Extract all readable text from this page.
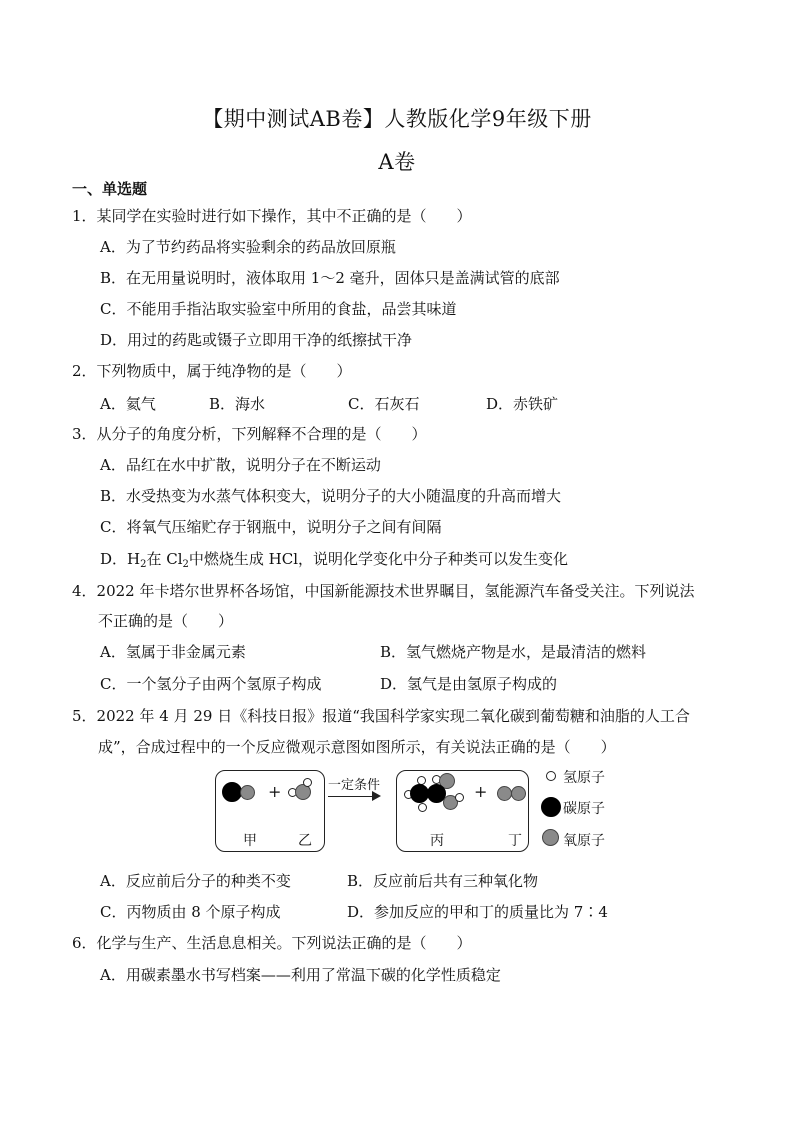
【期中测试AB卷】人教版化学9年级下册
A卷
一、单选题
1．某同学在实验时进行如下操作，其中不正确的是（　　）
A．为了节约药品将实验剩余的药品放回原瓶
B．在无用量说明时，液体取用 1～2 毫升，固体只是盖满试管的底部
C．不能用手指沾取实验室中所用的食盐，品尝其味道
D．用过的药匙或镊子立即用干净的纸擦拭干净
2．下列物质中，属于纯净物的是（　　）
A．氦气	B．海水	C．石灰石	D．赤铁矿
3．从分子的角度分析，下列解释不合理的是（　　）
A．品红在水中扩散，说明分子在不断运动
B．水受热变为水蒸气体积变大，说明分子的大小随温度的升高而增大
C．将氧气压缩贮存于钢瓶中，说明分子之间有间隔
D．$H_2$在 $Cl_2$中燃烧生成 HCl，说明化学变化中分子种类可以发生变化
4．2022 年卡塔尔世界杯各场馆，中国新能源技术世界瞩目，氢能源汽车备受关注。下列说法
不正确的是（　　）
A．氢属于非金属元素	B．氢气燃烧产物是水，是最清洁的燃料
C．一个氢分子由两个氢原子构成	D．氢气是由氢原子构成的
5．2022 年 4 月 29 日《科技日报》报道“我国科学家实现二氧化碳到葡萄糖和油脂的人工合
成”，合成过程中的一个反应微观示意图如图所示，有关说法正确的是（　　）
+
甲	乙
一定条件	+
丙	丁
氢原子
碳原子
氧原子
A．反应前后分子的种类不变	B．反应前后共有三种氧化物
C．丙物质由 8 个原子构成	D．参加反应的甲和丁的质量比为 7∶4
6．化学与生产、生活息息相关。下列说法正确的是（　　）
A．用碳素墨水书写档案——利用了常温下碳的化学性质稳定
